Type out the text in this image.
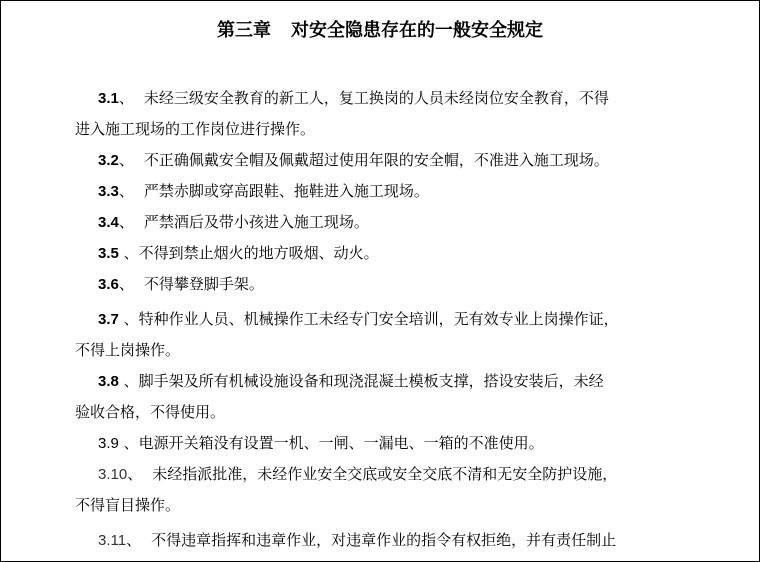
第三章 对安全隐患存在的一般安全规定
3.1、 未经三级安全教育的新工人，复工换岗的人员未经岗位安全教育，不得
进入施工现场的工作岗位进行操作。
3.2、 不正确佩戴安全帽及佩戴超过使用年限的安全帽，不准进入施工现场。
3.3、 严禁赤脚或穿高跟鞋、拖鞋进入施工现场。
3.4、 严禁酒后及带小孩进入施工现场。
3.5 、不得到禁止烟火的地方吸烟、动火。
3.6、 不得攀登脚手架。
3.7 、特种作业人员、机械操作工未经专门安全培训，无有效专业上岗操作证，
不得上岗操作。
3.8 、脚手架及所有机械设施设备和现浇混凝土模板支撑，搭设安装后，未经
验收合格，不得使用。
3.9 、电源开关箱没有设置一机、一闸、一漏电、一箱的不准使用。
3.10、 未经指派批准，未经作业安全交底或安全交底不清和无安全防护设施，
不得盲目操作。
3.11、 不得违章指挥和违章作业，对违章作业的指令有权拒绝，并有责任制止
